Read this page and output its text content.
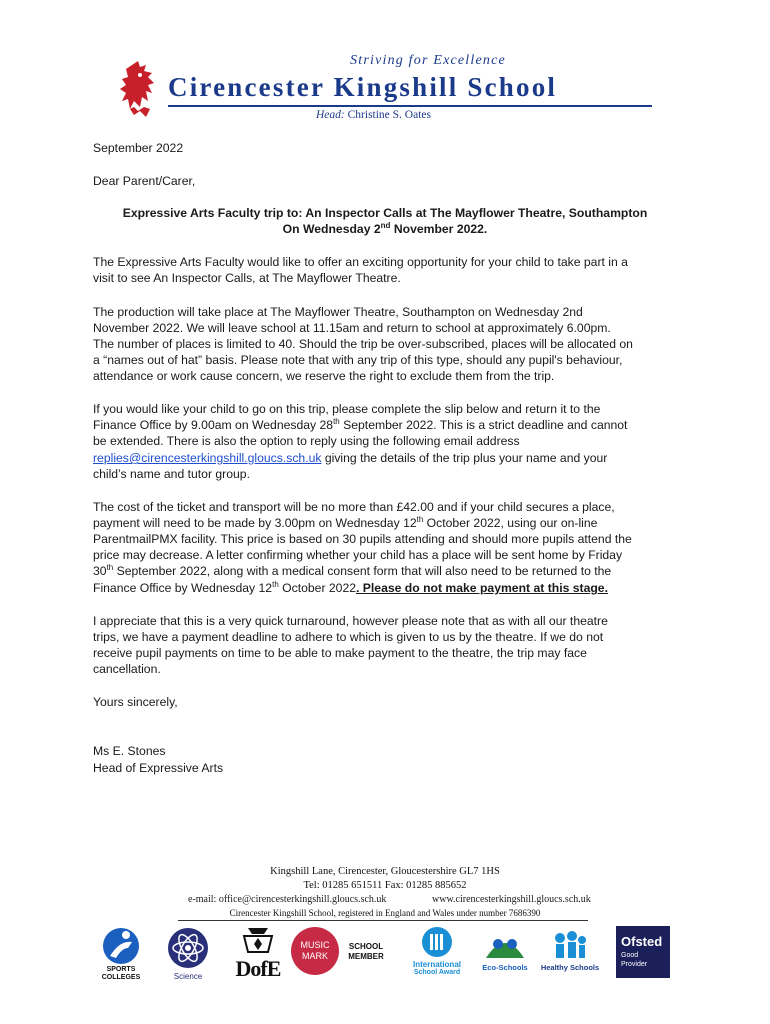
Striving for Excellence
Cirencester Kingshill School
Head: Christine S. Oates
September 2022
Dear Parent/Carer,
Expressive Arts Faculty trip to: An Inspector Calls at The Mayflower Theatre, Southampton
On Wednesday 2nd November 2022.
The Expressive Arts Faculty would like to offer an exciting opportunity for your child to take part in a
visit to see An Inspector Calls, at The Mayflower Theatre.
The production will take place at The Mayflower Theatre, Southampton on Wednesday 2nd
November 2022. We will leave school at 11.15am and return to school at approximately 6.00pm.
The number of places is limited to 40. Should the trip be over-subscribed, places will be allocated on
a “names out of hat” basis. Please note that with any trip of this type, should any pupil's behaviour,
attendance or work cause concern, we reserve the right to exclude them from the trip.
If you would like your child to go on this trip, please complete the slip below and return it to the
Finance Office by 9.00am on Wednesday 28th September 2022. This is a strict deadline and cannot
be extended. There is also the option to reply using the following email address
replies@cirencesterkingshill.gloucs.sch.uk giving the details of the trip plus your name and your
child’s name and tutor group.
The cost of the ticket and transport will be no more than £42.00 and if your child secures a place,
payment will need to be made by 3.00pm on Wednesday 12th October 2022, using our on-line
ParentmailPMX facility. This price is based on 30 pupils attending and should more pupils attend the
price may decrease. A letter confirming whether your child has a place will be sent home by Friday
30th September 2022, along with a medical consent form that will also need to be returned to the
Finance Office by Wednesday 12th October 2022. Please do not make payment at this stage.
I appreciate that this is a very quick turnaround, however please note that as with all our theatre
trips, we have a payment deadline to adhere to which is given to us by the theatre. If we do not
receive pupil payments on time to be able to make payment to the theatre, the trip may face
cancellation.
Yours sincerely,
Ms E. Stones
Head of Expressive Arts
Kingshill Lane, Cirencester, Gloucestershire GL7 1HS
Tel: 01285 651511 Fax: 01285 885652
e-mail: office@cirencesterkingshill.gloucs.sch.uk	www.cirencesterkingshill.gloucs.sch.uk
Cirencester Kingshill School, registered in England and Wales under number 7686390
SPORTS
COLLEGES	Science	DofE
MUSIC
MARK
SCHOOL
MEMBER
International
School Award
Eco-Schools	Healthy Schools
Ofsted
Good
Provider
